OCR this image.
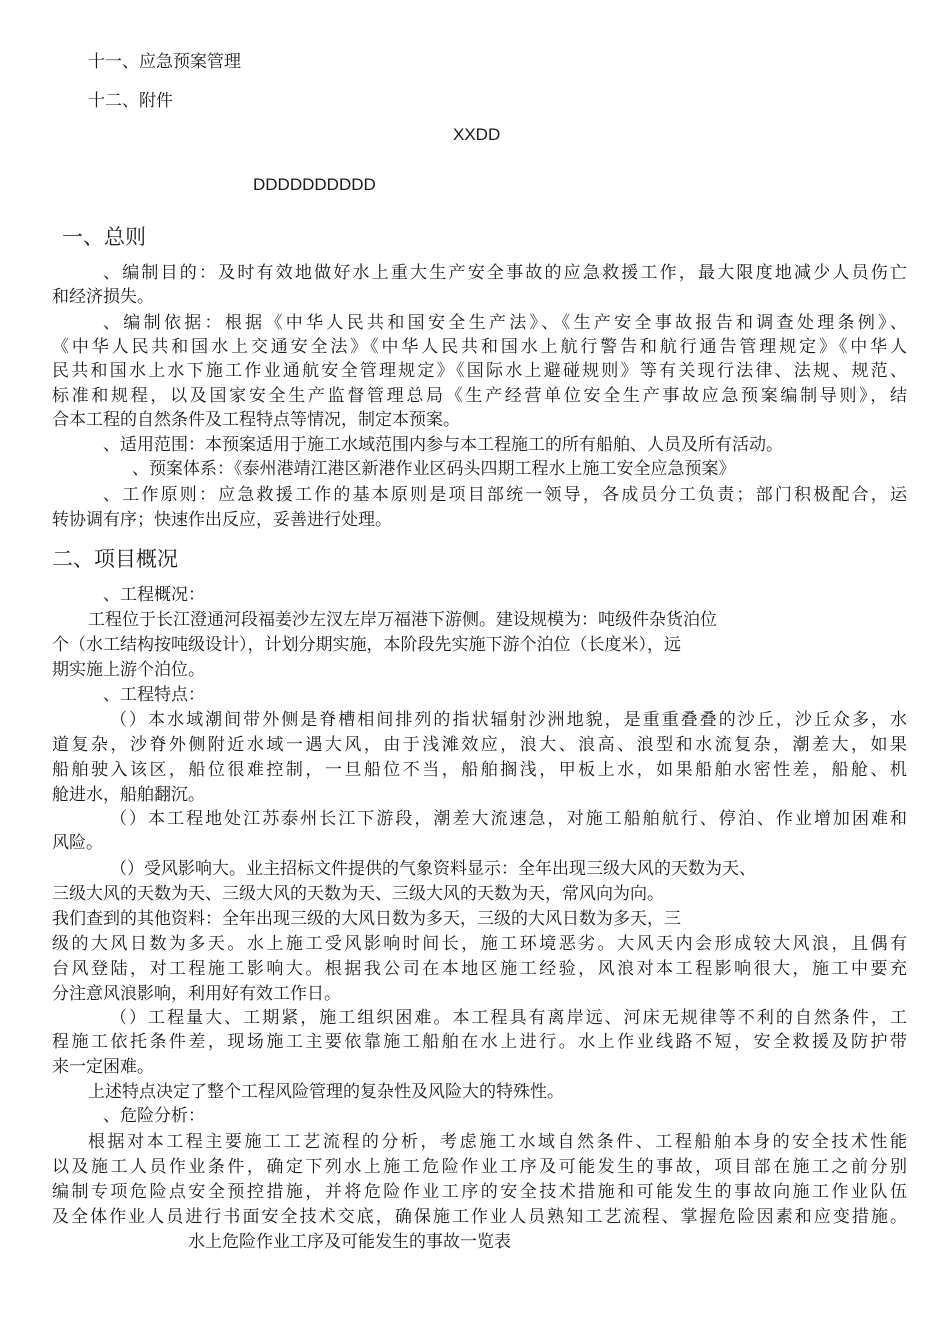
十一、应急预案管理
十二、附件
XXDD
DDDDDDDDDD
一、总则
、编制目的：及时有效地做好水上重大生产安全事故的应急救援工作，最大限度地减少人员伤亡
和经济损失。
、编制依据：根据《中华人民共和国安全生产法》、《生产安全事故报告和调查处理条例》、
《中华人民共和国水上交通安全法》《中华人民共和国水上航行警告和航行通告管理规定》《中华人
民共和国水上水下施工作业通航安全管理规定》《国际水上避碰规则》等有关现行法律、法规、规范、
标准和规程，以及国家安全生产监督管理总局《生产经营单位安全生产事故应急预案编制导则》，结
合本工程的自然条件及工程特点等情况，制定本预案。
、适用范围：本预案适用于施工水域范围内参与本工程施工的所有船舶、人员及所有活动。
、预案体系：《泰州港靖江港区新港作业区码头四期工程水上施工安全应急预案》
、工作原则：应急救援工作的基本原则是项目部统一领导，各成员分工负责；部门积极配合，运
转协调有序；快速作出反应，妥善进行处理。
二、项目概况
、工程概况：
工程位于长江澄通河段福姜沙左汊左岸万福港下游侧。建设规模为：吨级件杂货泊位
个（水工结构按吨级设计），计划分期实施，本阶段先实施下游个泊位（长度米），远
期实施上游个泊位。
、工程特点：
（）本水域潮间带外侧是脊槽相间排列的指状辐射沙洲地貌，是重重叠叠的沙丘，沙丘众多，水
道复杂，沙脊外侧附近水域一遇大风，由于浅滩效应，浪大、浪高、浪型和水流复杂，潮差大，如果
船舶驶入该区，船位很难控制，一旦船位不当，船舶搁浅，甲板上水，如果船舶水密性差，船舱、机
舱进水，船舶翻沉。
（）本工程地处江苏泰州长江下游段，潮差大流速急，对施工船舶航行、停泊、作业增加困难和
风险。
（）受风影响大。业主招标文件提供的气象资料显示：全年出现三级大风的天数为天、
三级大风的天数为天、三级大风的天数为天、三级大风的天数为天，常风向为向。
我们查到的其他资料：全年出现三级的大风日数为多天，三级的大风日数为多天，三
级的大风日数为多天。水上施工受风影响时间长，施工环境恶劣。大风天内会形成较大风浪，且偶有
台风登陆，对工程施工影响大。根据我公司在本地区施工经验，风浪对本工程影响很大，施工中要充
分注意风浪影响，利用好有效工作日。
（）工程量大、工期紧，施工组织困难。本工程具有离岸远、河床无规律等不利的自然条件，工
程施工依托条件差，现场施工主要依靠施工船舶在水上进行。水上作业线路不短，安全救援及防护带
来一定困难。
上述特点决定了整个工程风险管理的复杂性及风险大的特殊性。
、危险分析：
根据对本工程主要施工工艺流程的分析，考虑施工水域自然条件、工程船舶本身的安全技术性能
以及施工人员作业条件，确定下列水上施工危险作业工序及可能发生的事故，项目部在施工之前分别
编制专项危险点安全预控措施，并将危险作业工序的安全技术措施和可能发生的事故向施工作业队伍
及全体作业人员进行书面安全技术交底，确保施工作业人员熟知工艺流程、掌握危险因素和应变措施。
水上危险作业工序及可能发生的事故一览表
